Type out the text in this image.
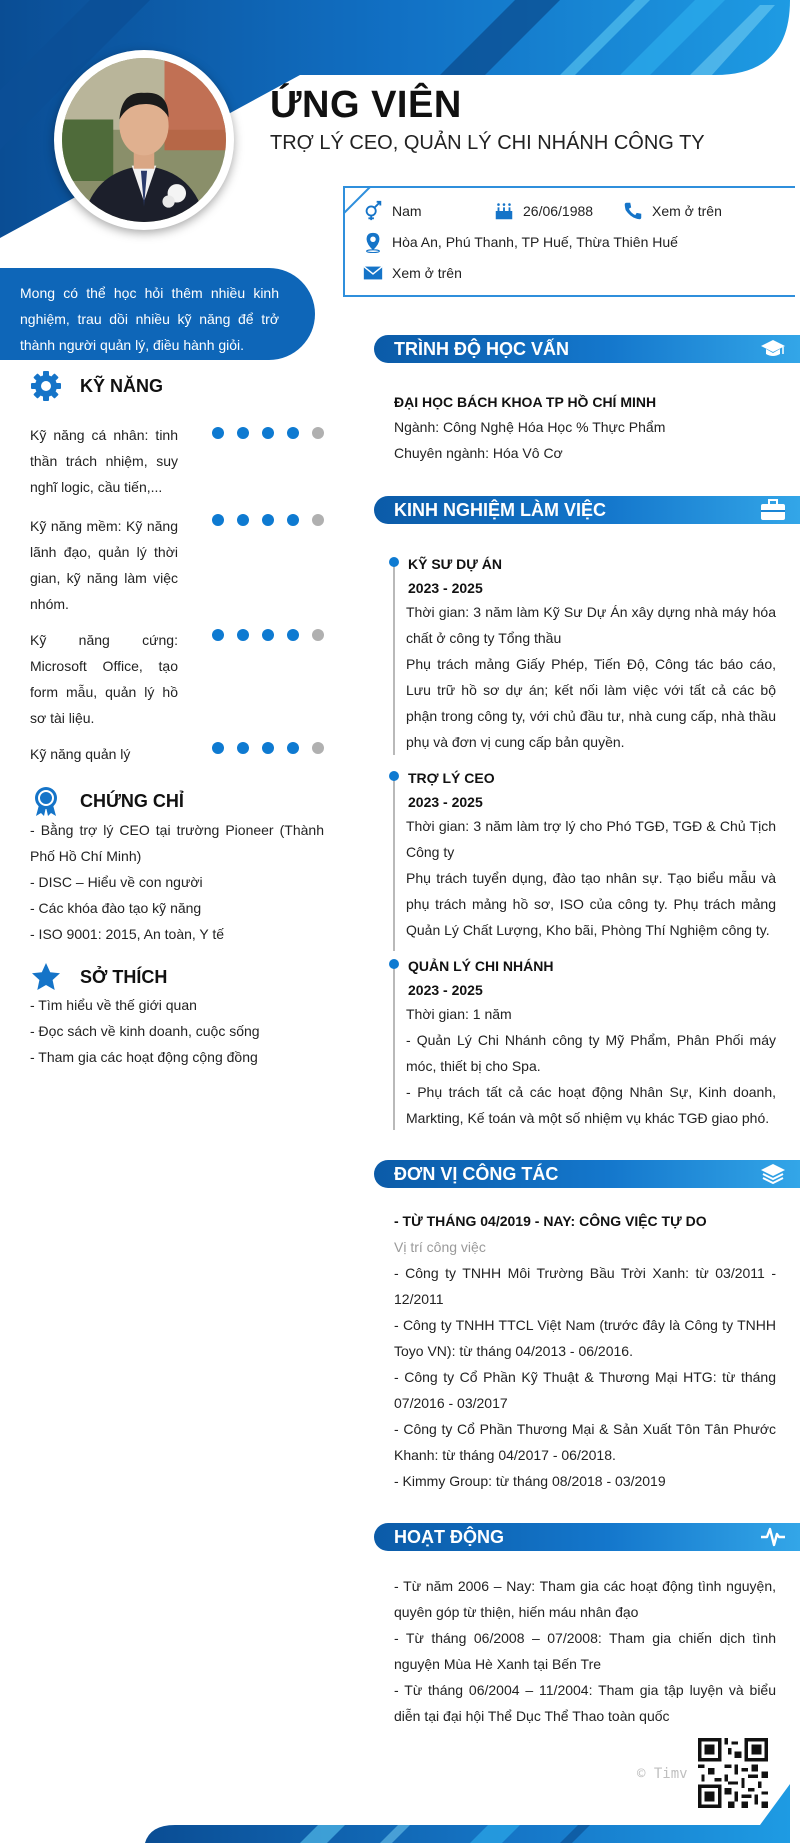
ỨNG VIÊN
TRỢ LÝ CEO, QUẢN LÝ CHI NHÁNH CÔNG TY
Nam	26/06/1988	Xem ở trên
Hòa An, Phú Thanh, TP Huế, Thừa Thiên Huế
Xem ở trên
Mong có thể học hỏi thêm nhiều kinh nghiệm, trau dồi nhiều kỹ năng để trở thành người quản lý, điều hành giỏi.
KỸ NĂNG
Kỹ năng cá nhân: tinh thần trách nhiệm, suy nghĩ logic, cầu tiến,...
Kỹ năng mềm: Kỹ năng lãnh đạo, quản lý thời gian, kỹ năng làm việc nhóm.
Kỹ năng cứng: Microsoft Office, tạo form mẫu, quản lý hồ sơ tài liệu.
Kỹ năng quản lý
CHỨNG CHỈ
- Bằng trợ lý CEO tại trường Pioneer (Thành Phố Hồ Chí Minh)
- DISC – Hiểu về con người
- Các khóa đào tạo kỹ năng
- ISO 9001: 2015, An toàn, Y tế
SỞ THÍCH
- Tìm hiểu về thế giới quan
- Đọc sách về kinh doanh, cuộc sống
- Tham gia các hoạt động cộng đồng
TRÌNH ĐỘ HỌC VẤN
ĐẠI HỌC BÁCH KHOA TP HỒ CHÍ MINH
Ngành: Công Nghệ Hóa Học % Thực Phẩm
Chuyên ngành: Hóa Vô Cơ
KINH NGHIỆM LÀM VIỆC
KỸ SƯ DỰ ÁN
2023 - 2025
Thời gian: 3 năm làm Kỹ Sư Dự Án xây dựng nhà máy hóa chất ở công ty Tổng thầu
Phụ trách mảng Giấy Phép, Tiến Độ, Công tác báo cáo, Lưu trữ hồ sơ dự án; kết nối làm việc với tất cả các bộ phận trong công ty, với chủ đầu tư, nhà cung cấp, nhà thầu phụ và đơn vị cung cấp bản quyền.
TRỢ LÝ CEO
2023 - 2025
Thời gian: 3 năm làm trợ lý cho Phó TGĐ, TGĐ & Chủ Tịch Công ty
Phụ trách tuyển dụng, đào tạo nhân sự. Tạo biểu mẫu và phụ trách mảng hồ sơ, ISO của công ty. Phụ trách mảng Quản Lý Chất Lượng, Kho bãi, Phòng Thí Nghiệm công ty.
QUẢN LÝ CHI NHÁNH
2023 - 2025
Thời gian: 1 năm
- Quản Lý Chi Nhánh công ty Mỹ Phẩm, Phân Phối máy móc, thiết bị cho Spa.
- Phụ trách tất cả các hoạt động Nhân Sự, Kinh doanh, Markting, Kế toán và một số nhiệm vụ khác TGĐ giao phó.
ĐƠN VỊ CÔNG TÁC
- TỪ THÁNG 04/2019 - NAY: CÔNG VIỆC TỰ DO
Vị trí công việc
- Công ty TNHH Môi Trường Bầu Trời Xanh: từ 03/2011 - 12/2011
- Công ty TNHH TTCL Việt Nam (trước đây là Công ty TNHH Toyo VN): từ tháng 04/2013 - 06/2016.
- Công ty Cổ Phần Kỹ Thuật & Thương Mại HTG: từ tháng 07/2016 - 03/2017
- Công ty Cổ Phần Thương Mại & Sản Xuất Tôn Tân Phước Khanh: từ tháng 04/2017 - 06/2018.
- Kimmy Group: từ tháng 08/2018 - 03/2019
HOẠT ĐỘNG
- Từ năm 2006 – Nay: Tham gia các hoạt động tình nguyện, quyên góp từ thiện, hiến máu nhân đạo
- Từ tháng 06/2008 – 07/2008: Tham gia chiến dịch tình nguyện Mùa Hè Xanh tại Bến Tre
- Từ tháng 06/2004 – 11/2004: Tham gia tập luyện và biểu diễn tại đại hội Thể Dục Thể Thao toàn quốc
© Timv
